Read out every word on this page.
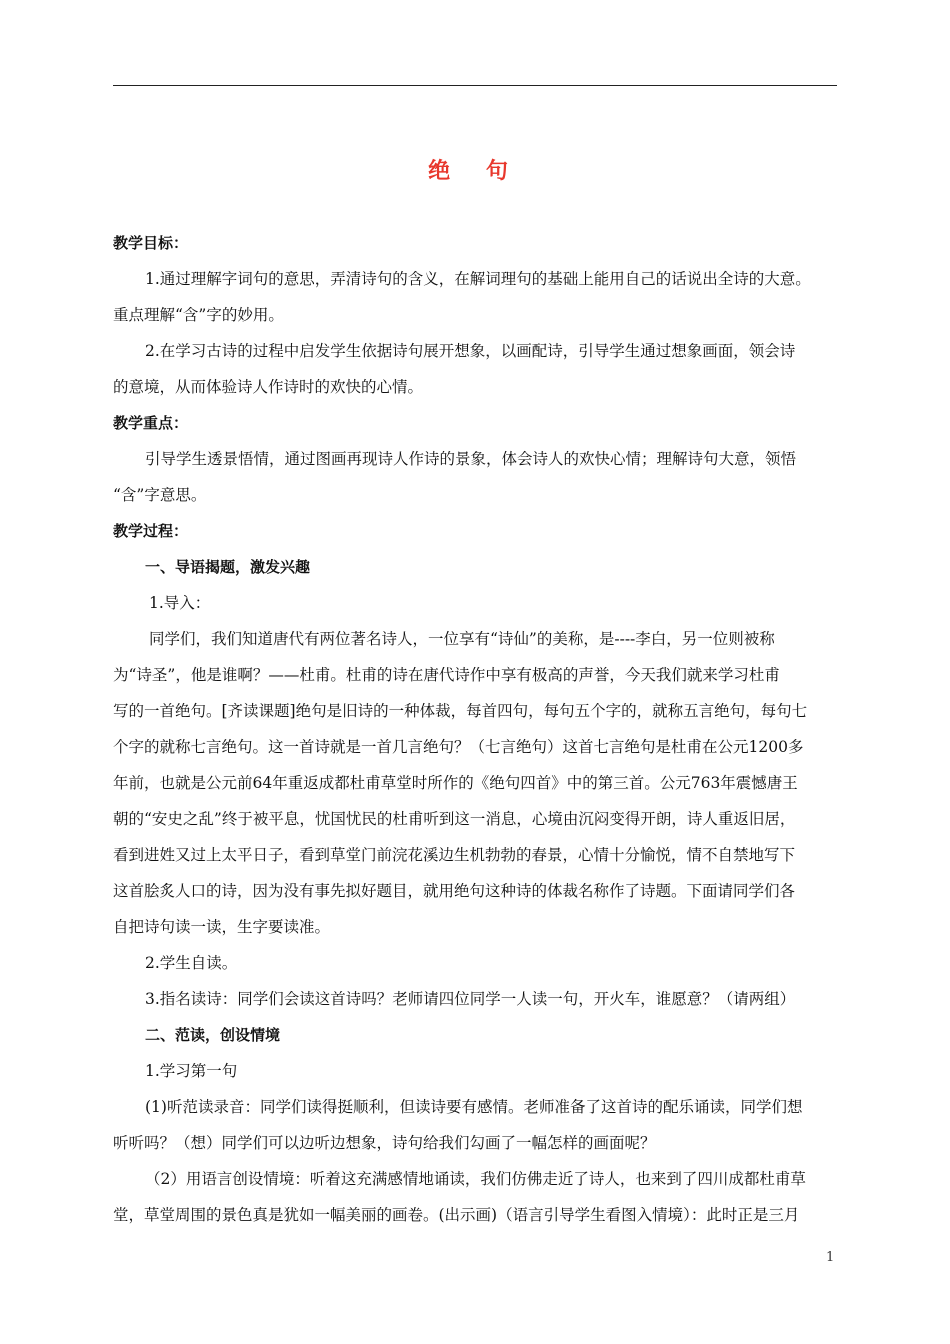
绝 句

教学目标：

1.通过理解字词句的意思，弄清诗句的含义，在解词理句的基础上能用自己的话说出全诗的大意。

重点理解“含”字的妙用。

2.在学习古诗的过程中启发学生依据诗句展开想象，以画配诗，引导学生通过想象画面，领会诗

的意境，从而体验诗人作诗时的欢快的心情。

教学重点：

引导学生透景悟情，通过图画再现诗人作诗的景象，体会诗人的欢快心情；理解诗句大意，领悟

“含”字意思。

教学过程：

一、导语揭题，激发兴趣

1.导入：

同学们，我们知道唐代有两位著名诗人，一位享有“诗仙”的美称，是----李白，另一位则被称

为“诗圣”，他是谁啊？——杜甫。杜甫的诗在唐代诗作中享有极高的声誉，今天我们就来学习杜甫

写的一首绝句。[齐读课题]绝句是旧诗的一种体裁，每首四句，每句五个字的，就称五言绝句，每句七

个字的就称七言绝句。这一首诗就是一首几言绝句？（七言绝句）这首七言绝句是杜甫在公元1200多

年前，也就是公元前64年重返成都杜甫草堂时所作的《绝句四首》中的第三首。公元763年震憾唐王

朝的“安史之乱”终于被平息，忧国忧民的杜甫听到这一消息，心境由沉闷变得开朗，诗人重返旧居，

看到进姓又过上太平日子，看到草堂门前浣花溪边生机勃勃的春景，心情十分愉悦，情不自禁地写下

这首脍炙人口的诗，因为没有事先拟好题目，就用绝句这种诗的体裁名称作了诗题。下面请同学们各

自把诗句读一读，生字要读准。

2.学生自读。

3.指名读诗：同学们会读这首诗吗？老师请四位同学一人读一句，开火车，谁愿意？（请两组）

二、范读，创设情境

1.学习第一句

(1)听范读录音：同学们读得挺顺利，但读诗要有感情。老师准备了这首诗的配乐诵读，同学们想

听听吗？（想）同学们可以边听边想象，诗句给我们勾画了一幅怎样的画面呢？

（2）用语言创设情境：听着这充满感情地诵读，我们仿佛走近了诗人，也来到了四川成都杜甫草

堂，草堂周围的景色真是犹如一幅美丽的画卷。(出示画)（语言引导学生看图入情境）：此时正是三月

1
